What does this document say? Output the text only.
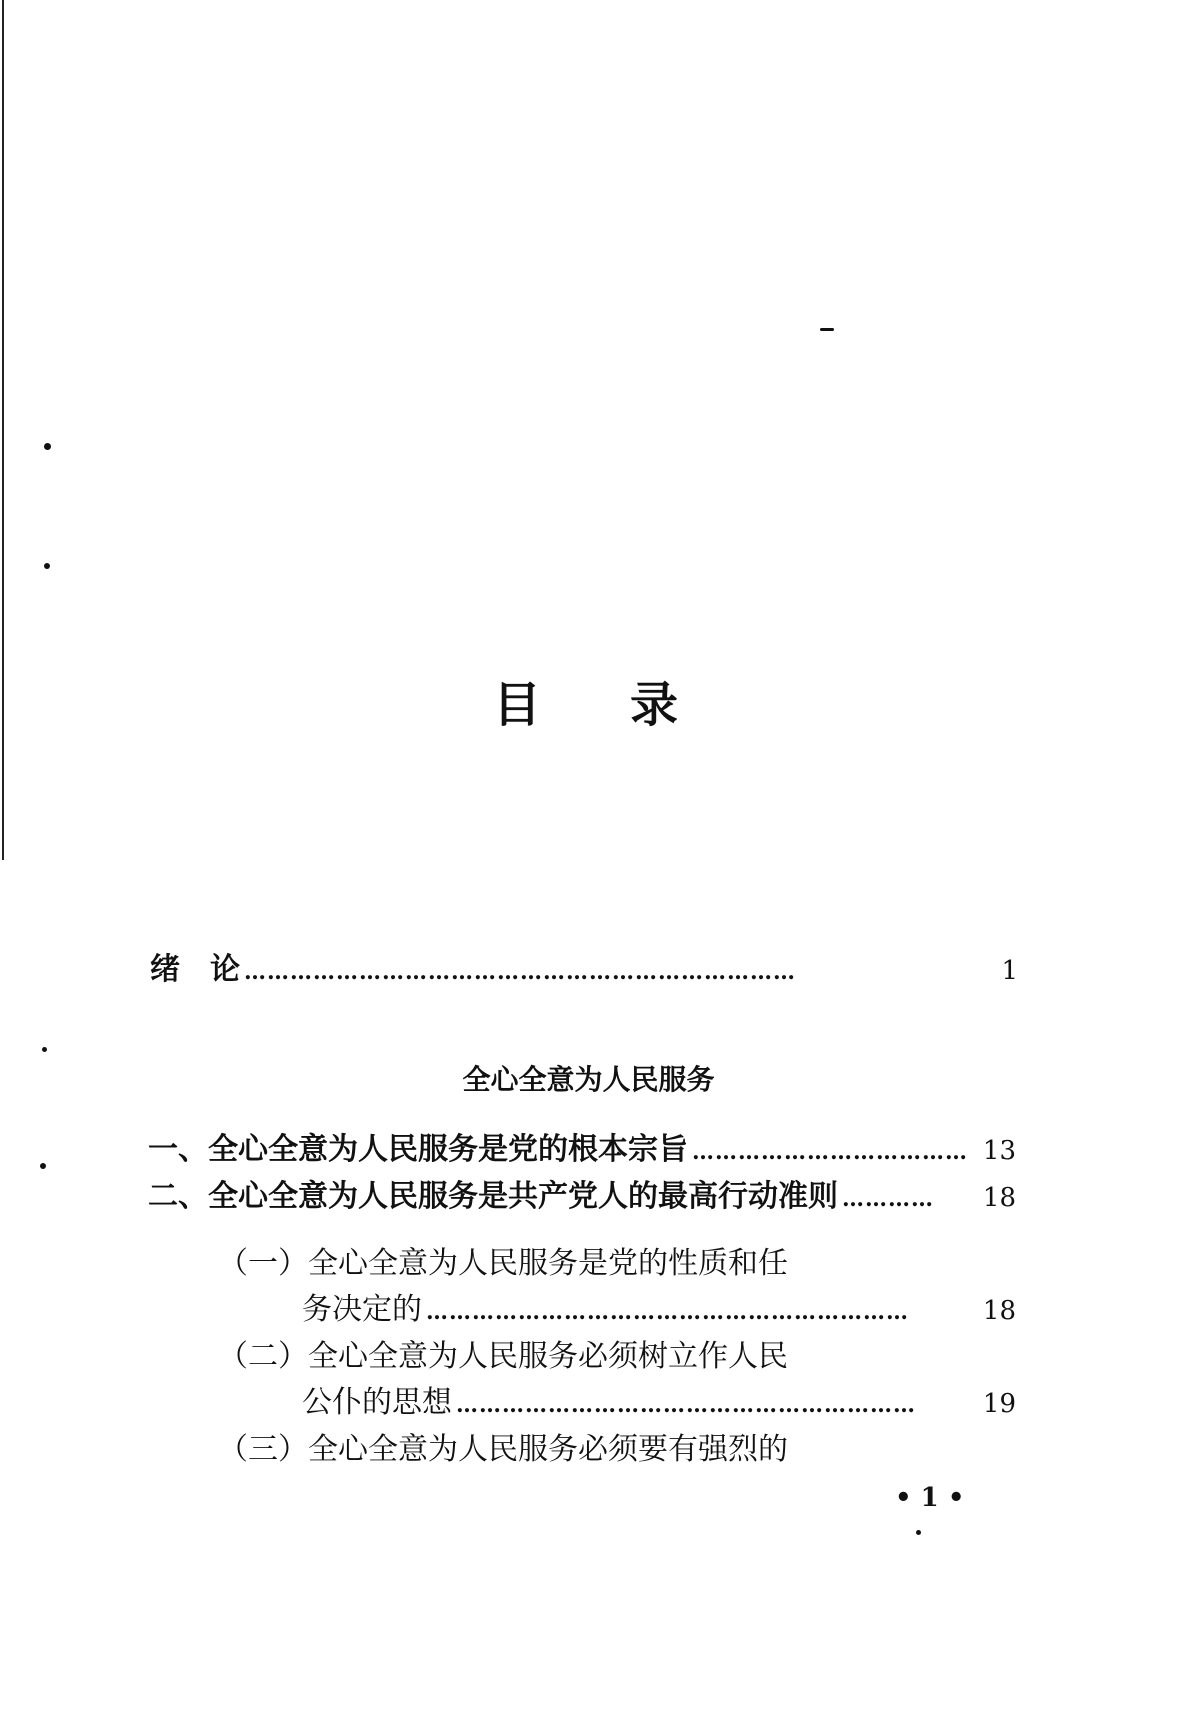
目 录
绪　论 ………………………………………………………………	1
全心全意为人民服务
一、全心全意为人民服务是党的根本宗旨 ……………………………… 13
二、全心全意为人民服务是共产党人的最高行动准则 …………	18
（一）全心全意为人民服务是党的性质和任
务决定的 ………………………………………………………	18
（二）全心全意为人民服务必须树立作人民
公仆的思想 ……………………………………………………	19
（三）全心全意为人民服务必须要有强烈的
• 1 •
